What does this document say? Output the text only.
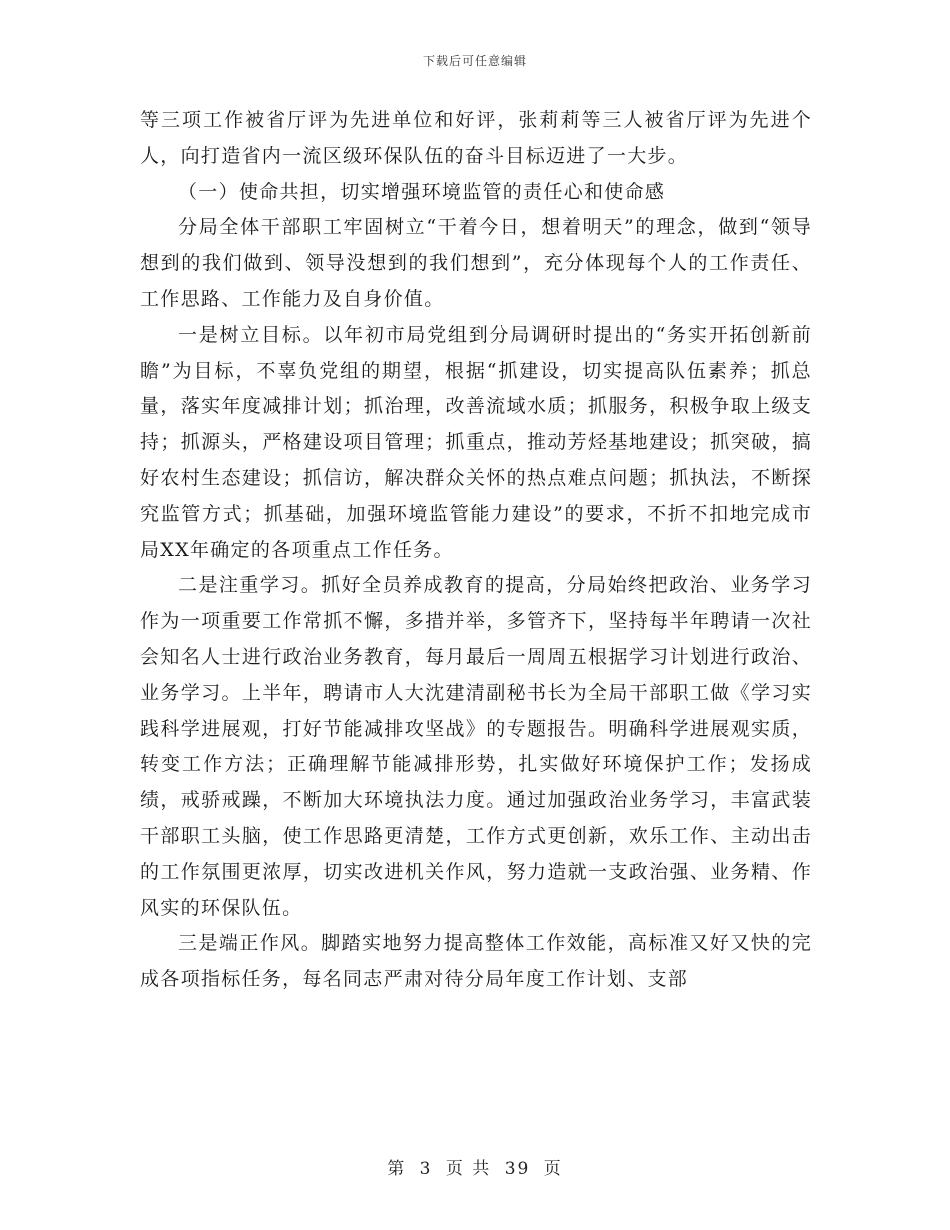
下载后可任意编辑

等三项工作被省厅评为先进单位和好评，张莉莉等三人被省厅评为先进个人，向打造省内一流区级环保队伍的奋斗目标迈进了一大步。

（一）使命共担，切实增强环境监管的责任心和使命感

分局全体干部职工牢固树立“干着今日，想着明天”的理念，做到“领导想到的我们做到、领导没想到的我们想到”，充分体现每个人的工作责任、工作思路、工作能力及自身价值。

一是树立目标。以年初市局党组到分局调研时提出的“务实开拓创新前瞻”为目标，不辜负党组的期望，根据“抓建设，切实提高队伍素养；抓总量，落实年度减排计划；抓治理，改善流域水质；抓服务，积极争取上级支持；抓源头，严格建设项目管理；抓重点，推动芳烃基地建设；抓突破，搞好农村生态建设；抓信访，解决群众关怀的热点难点问题；抓执法，不断探究监管方式；抓基础，加强环境监管能力建设”的要求，不折不扣地完成市局XX年确定的各项重点工作任务。

二是注重学习。抓好全员养成教育的提高，分局始终把政治、业务学习作为一项重要工作常抓不懈，多措并举，多管齐下，坚持每半年聘请一次社会知名人士进行政治业务教育，每月最后一周周五根据学习计划进行政治、业务学习。上半年，聘请市人大沈建清副秘书长为全局干部职工做《学习实践科学进展观，打好节能减排攻坚战》的专题报告。明确科学进展观实质，转变工作方法；正确理解节能减排形势，扎实做好环境保护工作；发扬成绩，戒骄戒躁，不断加大环境执法力度。通过加强政治业务学习，丰富武装干部职工头脑，使工作思路更清楚，工作方式更创新，欢乐工作、主动出击的工作氛围更浓厚，切实改进机关作风，努力造就一支政治强、业务精、作风实的环保队伍。

三是端正作风。脚踏实地努力提高整体工作效能，高标准又好又快的完成各项指标任务，每名同志严肃对待分局年度工作计划、支部

第 3 页 共 39 页
